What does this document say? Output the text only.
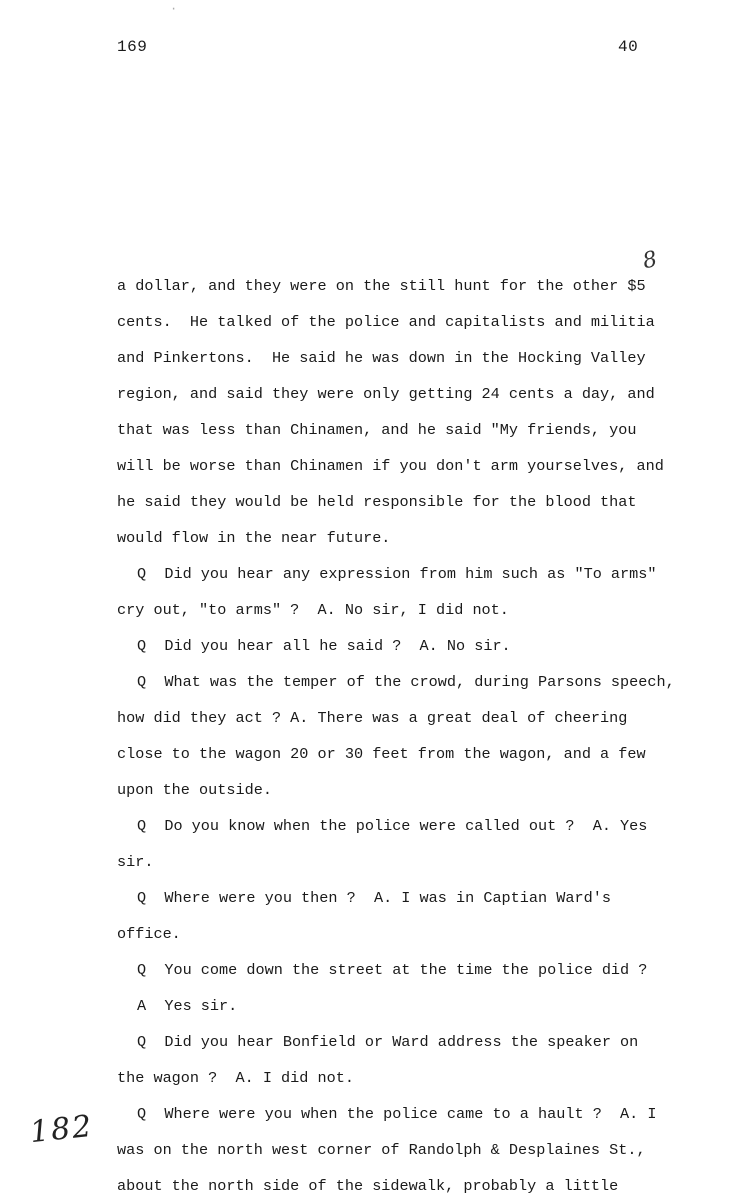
·
169	40
8
a dollar, and they were on the still hunt for the other $5
cents.  He talked of the police and capitalists and militia
and Pinkertons.  He said he was down in the Hocking Valley
region, and said they were only getting 24 cents a day, and
that was less than Chinamen, and he said "My friends, you
will be worse than Chinamen if you don't arm yourselves, and
he said they would be held responsible for the blood that
would flow in the near future.
Q  Did you hear any expression from him such as "To arms"
cry out, "to arms" ?  A. No sir, I did not.
Q  Did you hear all he said ?  A. No sir.
Q  What was the temper of the crowd, during Parsons speech,
how did they act ? A. There was a great deal of cheering
close to the wagon 20 or 30 feet from the wagon, and a few
upon the outside.
Q  Do you know when the police were called out ?  A. Yes
sir.
Q  Where were you then ?  A. I was in Captian Ward's
office.
Q  You come down the street at the time the police did ?
A  Yes sir.
Q  Did you hear Bonfield or Ward address the speaker on
the wagon ?  A. I did not.
Q  Where were you when the police came to a hault ?  A. I
was on the north west corner of Randolph & Desplaines St.,
about the north side of the sidewalk, probably a little
182
